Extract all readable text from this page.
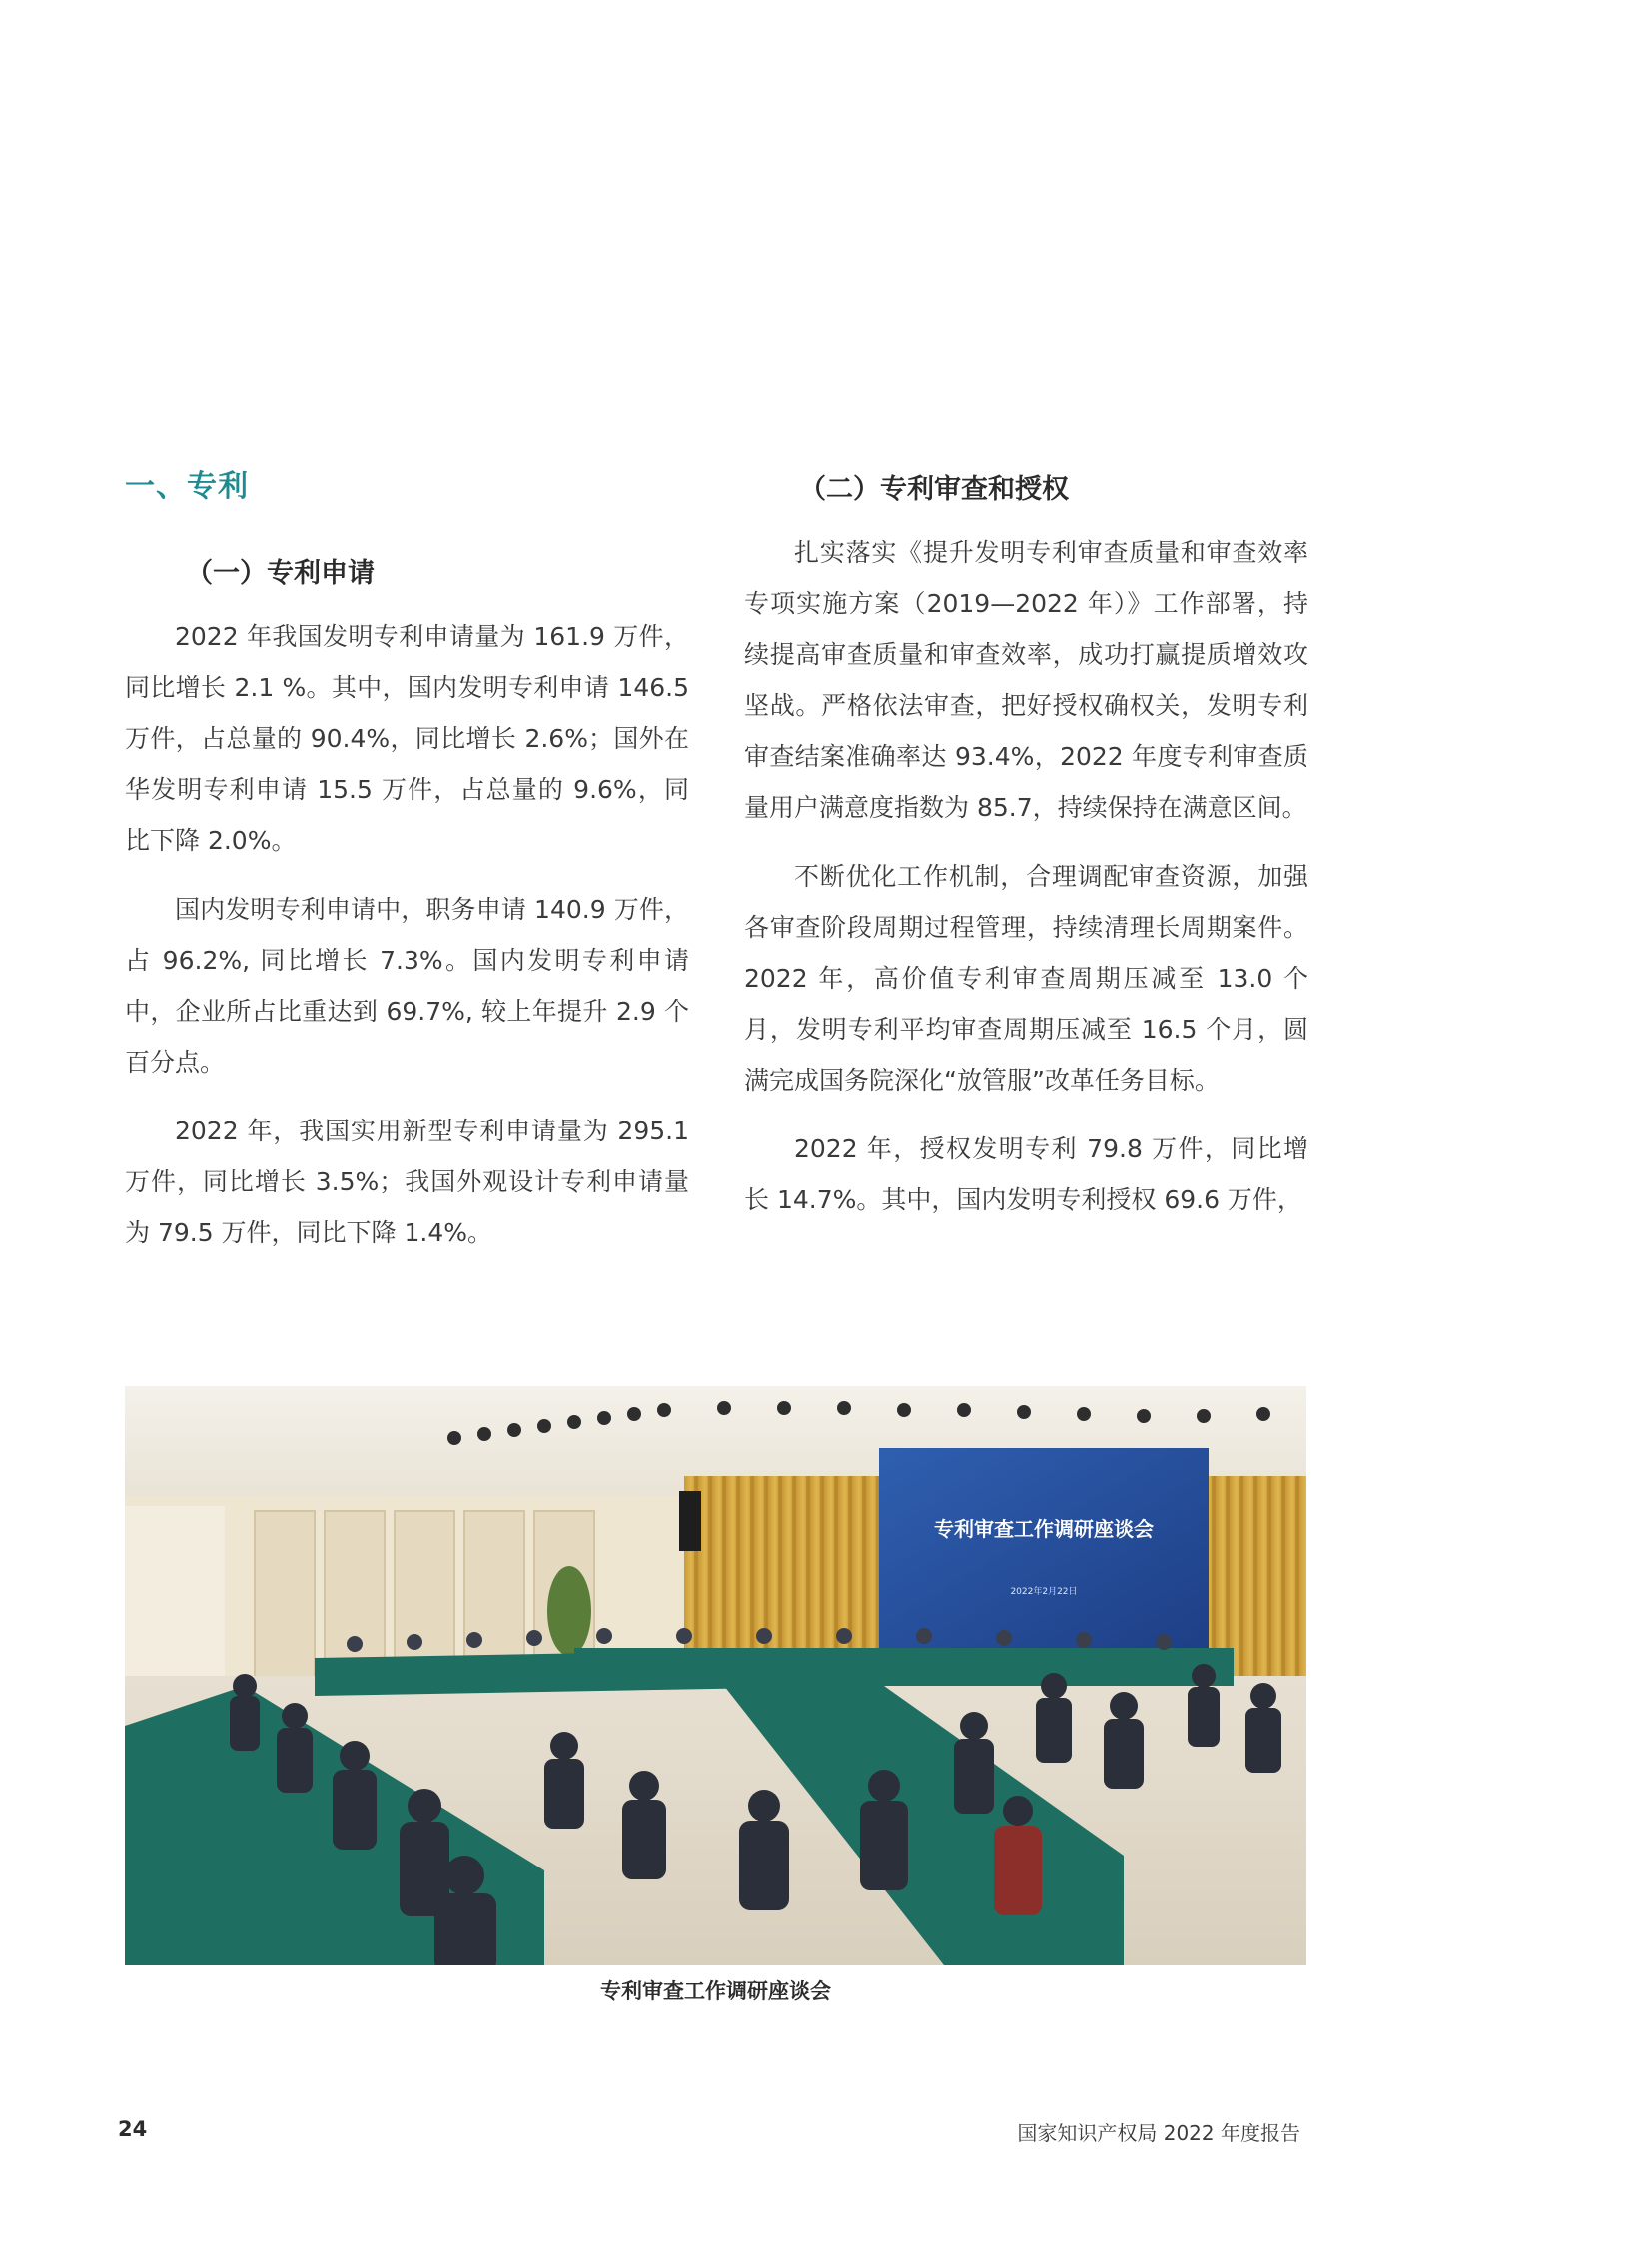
一、专利
（一）专利申请

2022 年我国发明专利申请量为 161.9 万件，同比增长 2.1 %。其中，国内发明专利申请 146.5 万件，占总量的 90.4%，同比增长 2.6%；国外在华发明专利申请 15.5 万件，占总量的 9.6%，同比下降 2.0%。

国内发明专利申请中，职务申请 140.9 万件，占 96.2%, 同比增长 7.3%。国内发明专利申请中，企业所占比重达到 69.7%, 较上年提升 2.9 个百分点。

2022 年，我国实用新型专利申请量为 295.1 万件，同比增长 3.5%；我国外观设计专利申请量为 79.5 万件，同比下降 1.4%。

（二）专利审查和授权

扎实落实《提升发明专利审查质量和审查效率专项实施方案（2019—2022 年）》工作部署，持续提高审查质量和审查效率，成功打赢提质增效攻坚战。严格依法审查，把好授权确权关，发明专利审查结案准确率达 93.4%，2022 年度专利审查质量用户满意度指数为 85.7，持续保持在满意区间。

不断优化工作机制，合理调配审查资源，加强各审查阶段周期过程管理，持续清理长周期案件。2022 年，高价值专利审查周期压减至 13.0 个月，发明专利平均审查周期压减至 16.5 个月，圆满完成国务院深化“放管服”改革任务目标。

2022 年，授权发明专利 79.8 万件，同比增长 14.7%。其中，国内发明专利授权 69.6 万件，

专利审查工作调研座谈会
2022年2月22日
专利审查工作调研座谈会
24	国家知识产权局 2022 年度报告
